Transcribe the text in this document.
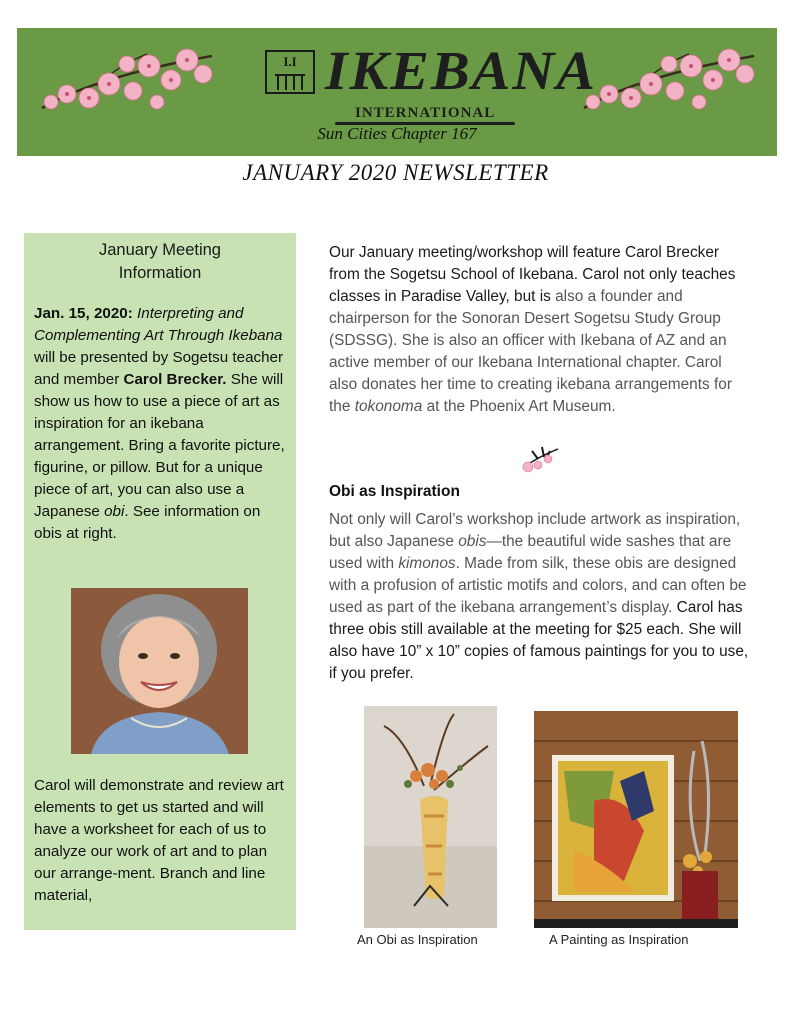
I.I IKEBANA
INTERNATIONAL
Sun Cities Chapter 167
JANUARY 2020 NEWSLETTER
January Meeting
Information
Jan. 15, 2020: Interpreting and Complementing Art Through Ikebana will be presented by Sogetsu teacher and member Carol Brecker. She will show us how to use a piece of art as inspiration for an ikebana arrangement. Bring a favorite picture, figurine, or pillow. But for a unique piece of art, you can also use a Japanese obi. See information on obis at right.
Carol will demonstrate and review art elements to get us started and will have a worksheet for each of us to analyze our work of art and to plan our arrange-ment. Branch and line material,
Our January meeting/workshop will feature Carol Brecker from the Sogetsu School of Ikebana. Carol not only teaches classes in Paradise Valley, but is also a founder and chairperson for the Sonoran Desert Sogetsu Study Group (SDSSG). She is also an officer with Ikebana of AZ and an active member of our Ikebana International chapter. Carol also donates her time to creating ikebana arrangements for the tokonoma at the Phoenix Art Museum.
Obi as Inspiration
Not only will Carol’s workshop include artwork as inspiration, but also Japanese obis—the beautiful wide sashes that are used with kimonos. Made from silk, these obis are designed with a profusion of artistic motifs and colors, and can often be used as part of the ikebana arrangement’s display. Carol has three obis still available at the meeting for $25 each. She will also have 10” x 10” copies of famous paintings for you to use, if you prefer.
An Obi as Inspiration	A Painting as Inspiration
